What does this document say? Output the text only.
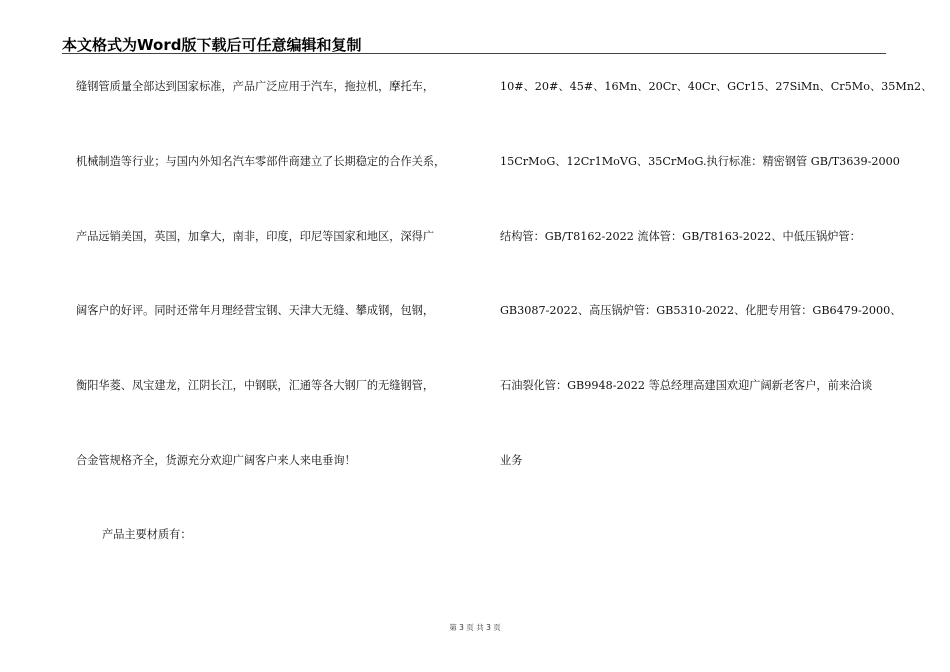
本文格式为Word版下载后可任意编辑和复制
缝钢管质量全部达到国家标准，产品广泛应用于汽车，拖拉机，摩托车，
机械制造等行业；与国内外知名汽车零部件商建立了长期稳定的合作关系，
产品远销美国，英国，加拿大，南非，印度，印尼等国家和地区，深得广
阔客户的好评。同时还常年月理经营宝钢、天津大无缝、攀成钢，包钢，
衡阳华菱、凤宝建龙，江阴长江，中钢联，汇通等各大钢厂的无缝钢管，
合金管规格齐全，货源充分欢迎广阔客户来人来电垂询！
产品主要材质有：
10#、20#、45#、16Mn、20Cr、40Cr、GCr15、27SiMn、Cr5Mo、35Mn2、
15CrMoG、12Cr1MoVG、35CrMoG.执行标准：精密钢管 GB/T3639-2000
结构管：GB/T8162-2022 流体管：GB/T8163-2022、中低压锅炉管：
GB3087-2022、高压锅炉管：GB5310-2022、化肥专用管：GB6479-2000、
石油裂化管：GB9948-2022 等总经理高建国欢迎广阔新老客户，前来洽谈
业务
第 3 页 共 3 页
